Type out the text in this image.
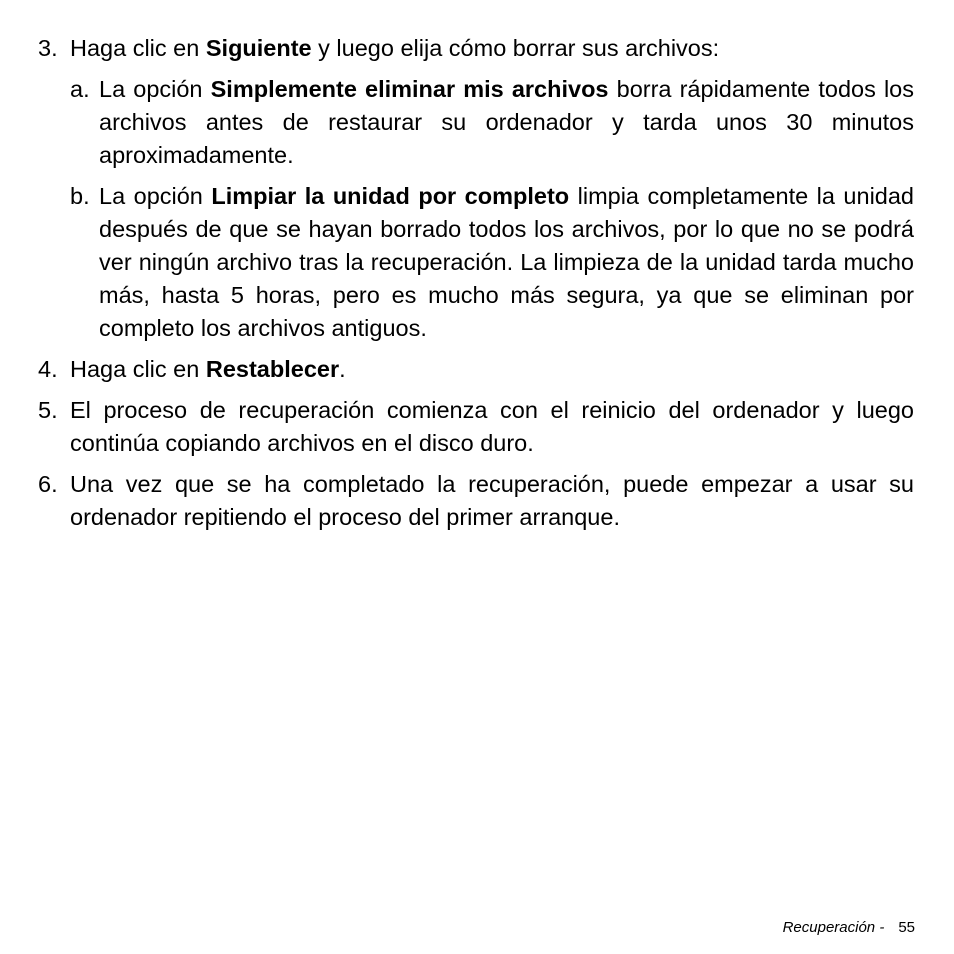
3. Haga clic en Siguiente y luego elija cómo borrar sus archivos:
a. La opción Simplemente eliminar mis archivos borra rápidamente todos los archivos antes de restaurar su ordenador y tarda unos 30 minutos aproximadamente.
b. La opción Limpiar la unidad por completo limpia completamente la unidad después de que se hayan borrado todos los archivos, por lo que no se podrá ver ningún archivo tras la recuperación. La limpieza de la unidad tarda mucho más, hasta 5 horas, pero es mucho más segura, ya que se eliminan por completo los archivos antiguos.
4. Haga clic en Restablecer.
5. El proceso de recuperación comienza con el reinicio del ordenador y luego continúa copiando archivos en el disco duro.
6. Una vez que se ha completado la recuperación, puede empezar a usar su ordenador repitiendo el proceso del primer arranque.
Recuperación - 55
